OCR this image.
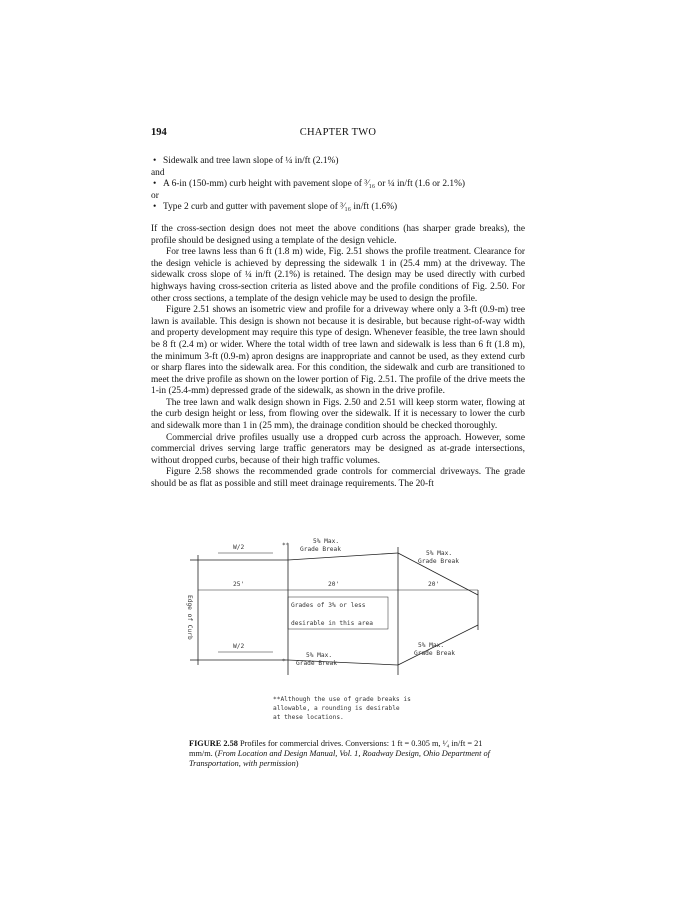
194	CHAPTER TWO
• Sidewalk and tree lawn slope of ¼ in/ft (2.1%)
and
• A 6-in (150-mm) curb height with pavement slope of ³⁄₁₆ or ¼ in/ft (1.6 or 2.1%)
or
• Type 2 curb and gutter with pavement slope of ³⁄₁₆ in/ft (1.6%)

If the cross-section design does not meet the above conditions (has sharper grade breaks), the profile should be designed using a template of the design vehicle.

For tree lawns less than 6 ft (1.8 m) wide, Fig. 2.51 shows the profile treatment. Clearance for the design vehicle is achieved by depressing the sidewalk 1 in (25.4 mm) at the driveway. The sidewalk cross slope of ¼ in/ft (2.1%) is retained. The design may be used directly with curbed highways having cross-section criteria as listed above and the profile conditions of Fig. 2.50. For other cross sections, a template of the design vehicle may be used to design the profile.

Figure 2.51 shows an isometric view and profile for a driveway where only a 3-ft (0.9-m) tree lawn is available. This design is shown not because it is desirable, but because right-of-way width and property development may require this type of design. Whenever feasible, the tree lawn should be 8 ft (2.4 m) or wider. Where the total width of tree lawn and sidewalk is less than 6 ft (1.8 m), the minimum 3-ft (0.9-m) apron designs are inappropriate and cannot be used, as they extend curb or sharp flares into the sidewalk area. For this condition, the sidewalk and curb are transitioned to meet the drive profile as shown on the lower portion of Fig. 2.51. The profile of the drive meets the 1-in (25.4-mm) depressed grade of the sidewalk, as shown in the drive profile.

The tree lawn and walk design shown in Figs. 2.50 and 2.51 will keep storm water, flowing at the curb design height or less, from flowing over the sidewalk. If it is necessary to lower the curb and sidewalk more than 1 in (25 mm), the drainage condition should be checked thoroughly.

Commercial drive profiles usually use a dropped curb across the approach. However, some commercial drives serving large traffic generators may be designed as at-grade intersections, without dropped curbs, because of their high traffic volumes.

Figure 2.58 shows the recommended grade controls for commercial driveways. The grade should be as flat as possible and still meet drainage requirements. The 20-ft

W/2
W/2
5% Max.
Grade Break
5% Max.
Grade Break
5% Max.
Grade Break
5% Max.
Grade Break
25'	20'	20'
Grades of 3% or less
desirable in this area
**
*
Edge of Curb
**Although the use of grade breaks is
allowable, a rounding is desirable
at these locations.
FIGURE 2.58 Profiles for commercial drives. Conversions: 1 ft = 0.305 m, ¹⁄₄ in/ft = 21 mm/m. (From Location and Design Manual, Vol. 1, Roadway Design, Ohio Department of Transportation, with permission)
